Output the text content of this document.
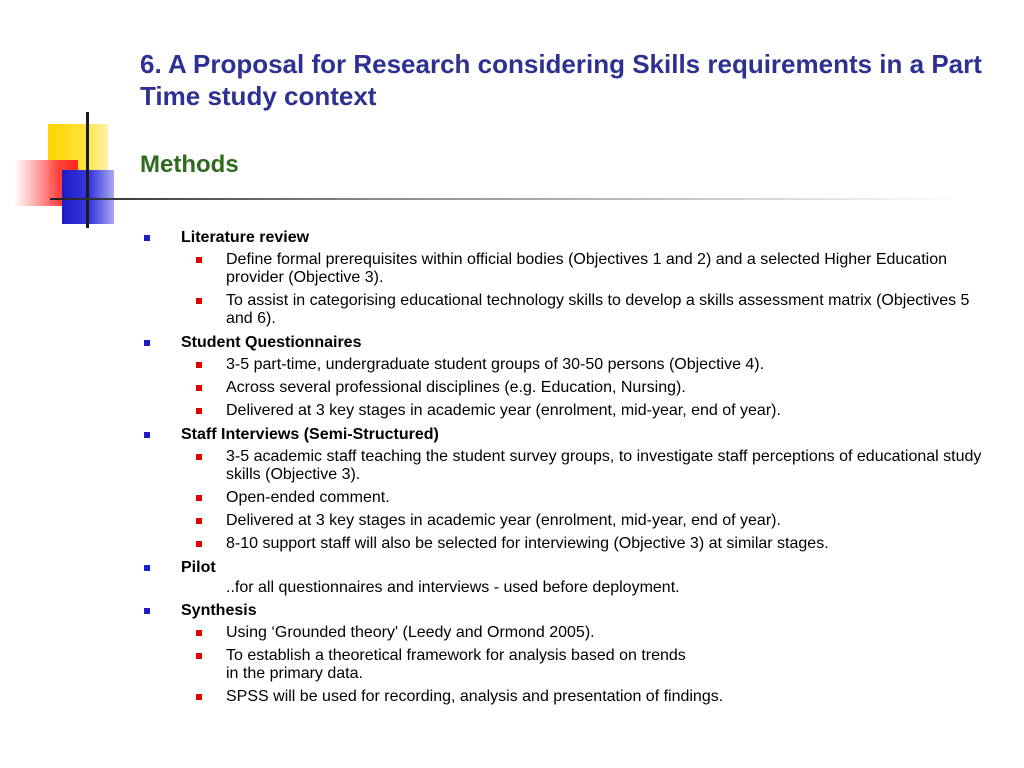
6. A Proposal for Research considering Skills requirements in a Part Time study context
Methods
Literature review
Define formal prerequisites within official bodies (Objectives 1 and 2) and a selected Higher Education provider (Objective 3).
To assist in categorising educational technology skills to develop a skills assessment matrix (Objectives 5 and 6).
Student Questionnaires
3-5 part-time, undergraduate student groups of 30-50 persons (Objective 4).
Across several professional disciplines (e.g. Education, Nursing).
Delivered at 3 key stages in academic year (enrolment, mid-year, end of year).
Staff Interviews (Semi-Structured)
3-5 academic staff teaching the student survey groups, to investigate staff perceptions of educational study skills (Objective 3).
Open-ended comment.
Delivered at 3 key stages in academic year (enrolment, mid-year, end of year).
8-10 support staff will also be selected for interviewing (Objective 3) at similar stages.
Pilot
..for all questionnaires and interviews - used before deployment.
Synthesis
Using ‘Grounded theory' (Leedy and Ormond 2005).
To establish a theoretical framework for analysis based on trends
in the primary data.
SPSS will be used for recording, analysis and presentation of findings.
